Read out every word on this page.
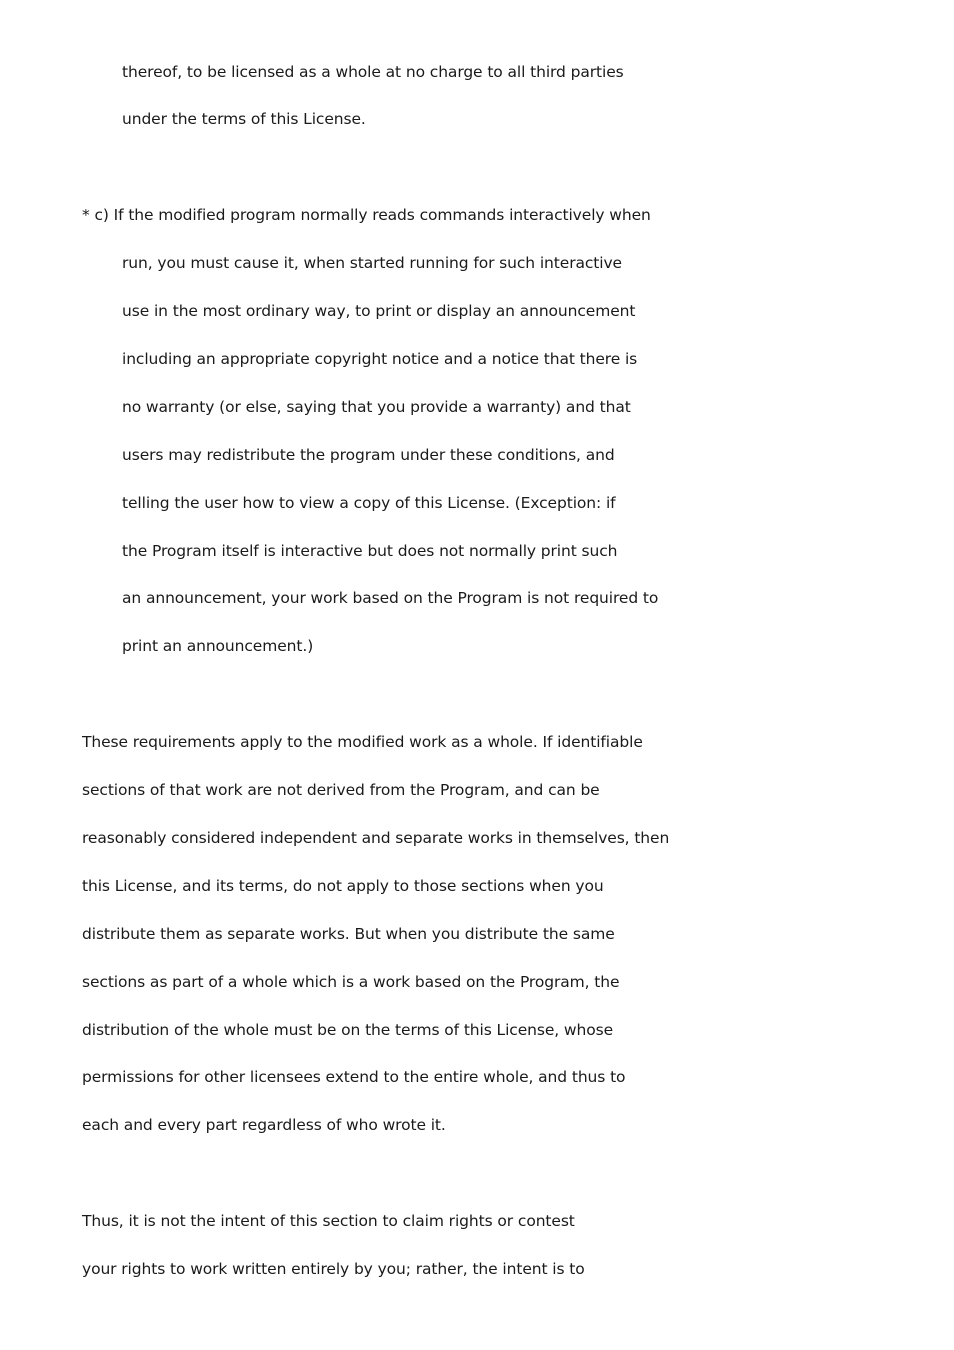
thereof, to be licensed as a whole at no charge to all third parties
under the terms of this License.
* c) If the modified program normally reads commands interactively when
run, you must cause it, when started running for such interactive
use in the most ordinary way, to print or display an announcement
including an appropriate copyright notice and a notice that there is
no warranty (or else, saying that you provide a warranty) and that
users may redistribute the program under these conditions, and
telling the user how to view a copy of this License. (Exception: if
the Program itself is interactive but does not normally print such
an announcement, your work based on the Program is not required to
print an announcement.)
These requirements apply to the modified work as a whole. If identifiable
sections of that work are not derived from the Program, and can be
reasonably considered independent and separate works in themselves, then
this License, and its terms, do not apply to those sections when you
distribute them as separate works. But when you distribute the same
sections as part of a whole which is a work based on the Program, the
distribution of the whole must be on the terms of this License, whose
permissions for other licensees extend to the entire whole, and thus to
each and every part regardless of who wrote it.
Thus, it is not the intent of this section to claim rights or contest
your rights to work written entirely by you; rather, the intent is to
